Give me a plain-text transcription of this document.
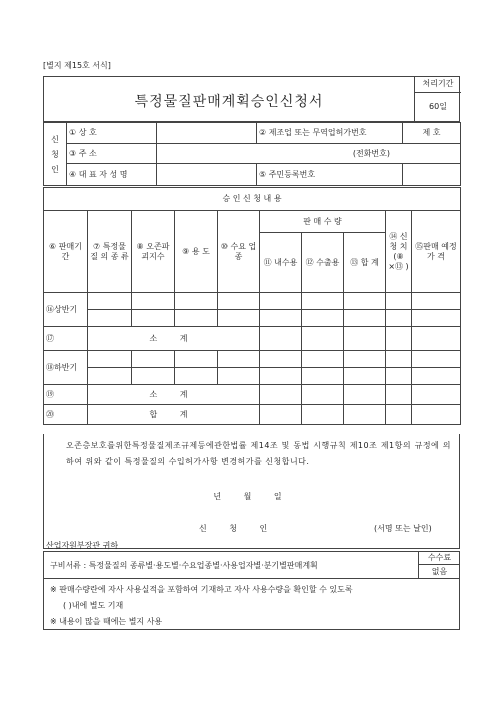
[별지 제15호 서식]
특정물질판매계획승인신청서
처리기간
60일
신
청
인	① 상 호		② 제조업 또는 무역업허가번호	제 호
	③ 주 소	(전화번호)		
	④ 대 표 자 성 명		⑤ 주민등록번호	
승 인 신 청 내 용									
⑥ 판매기간	⑦ 특정물질 의 종 류	⑧ 오존파 괴지수	⑨ 용 도	⑩ 수요 업종	판 매 수 량			⑭ 신 청 치 (⑧ ×⑬ )	⑮판매 예정가 격
					⑪ 내수용	⑫ 수출용	⑬ 합 계		
⑯상반기									

⑰	소 계								
⑱하반기									

⑲	소 계								
⑳	합 계								
오존층보호를위한특정물질제조규제등에관한법률 제14조 및 동법 시행규칙 제10조 제1항의 규정에 의하여 위와 같이 특정물질의 수입허가사항 변경허가를 신청합니다.
년 월 일
신 청 인	(서명 또는 날인)
산업자원부장관 귀하
구비서류 : 특정물질의 종류별·용도별·수요업종별·사용업자별·분기별판매계획
수수료
없음
※ 판매수량란에 자사 사용실적을 포함하여 기재하고 자사 사용수량을 확인할 수 있도록
( )내에 별도 기재
※ 내용이 많을 때에는 별지 사용
